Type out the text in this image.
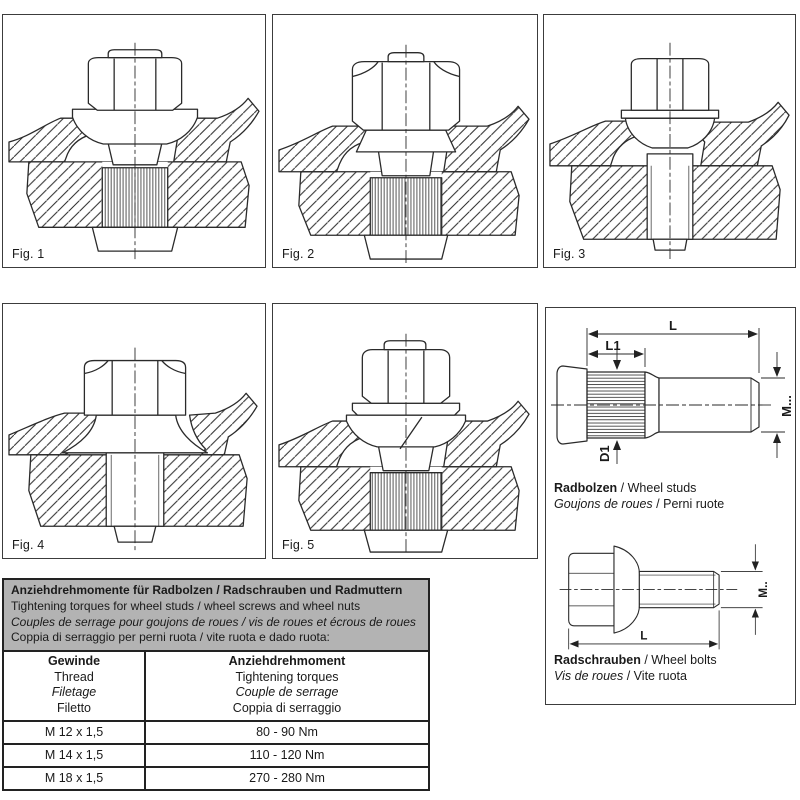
Fig. 1	Fig. 2	Fig. 3
Fig. 4	Fig. 5
L
L1
M...
D1
Radbolzen / Wheel studs
Goujons de roues / Perni ruote
M..
L
Radschrauben / Wheel bolts
Vis de roues / Vite ruota
Anziehdrehmomente für Radbolzen / Radschrauben und Radmuttern
Tightening torques for wheel studs / wheel screws and wheel nuts
Couples de serrage pour goujons de roues / vis de roues et écrous de roues
Coppia di serraggio per perni ruota / vite ruota e dado ruota:
Gewinde
Thread
Filetage
Filetto
Anziehdrehmoment
Tightening torques
Couple de serrage
Coppia di serraggio
M 12 x 1,5	80 - 90 Nm
M 14 x 1,5	110 - 120 Nm
M 18 x 1,5	270 - 280 Nm
